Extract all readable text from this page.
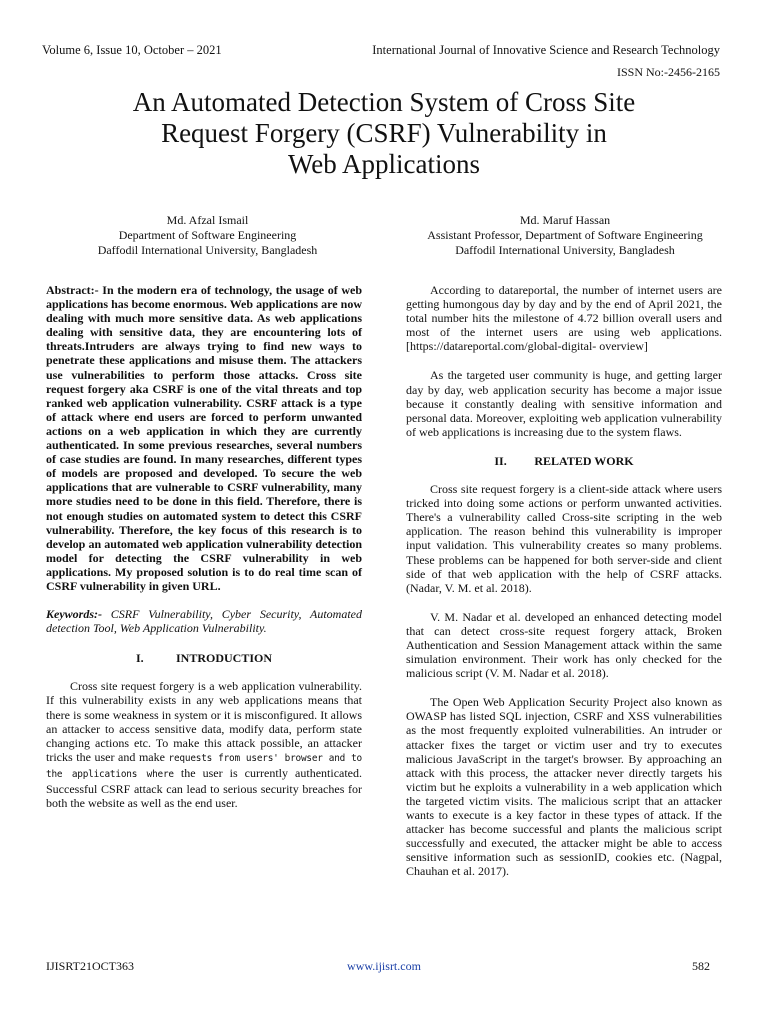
Volume 6, Issue 10, October – 2021	International Journal of Innovative Science and Research Technology
ISSN No:-2456-2165
An Automated Detection System of Cross Site
Request Forgery (CSRF) Vulnerability in
Web Applications
Md. Afzal Ismail
Department of Software Engineering
Daffodil International University, Bangladesh
Md. Maruf Hassan
Assistant Professor, Department of Software Engineering
Daffodil International University, Bangladesh

Abstract:- In the modern era of technology, the usage of web applications has become enormous. Web applications are now dealing with much more sensitive data. As web applications dealing with sensitive data, they are encountering lots of threats.Intruders are always trying to find new ways to penetrate these applications and misuse them. The attackers use vulnerabilities to perform those attacks. Cross site request forgery aka CSRF is one of the vital threats and top ranked web application vulnerability. CSRF attack is a type of attack where end users are forced to perform unwanted actions on a web application in which they are currently authenticated. In some previous researches, several numbers of case studies are found. In many researches, different types of models are proposed and developed. To secure the web applications that are vulnerable to CSRF vulnerability, many more studies need to be done in this field. Therefore, there is not enough studies on automated system to detect this CSRF vulnerability. Therefore, the key focus of this research is to develop an automated web application vulnerability detection model for detecting the CSRF vulnerability in web applications. My proposed solution is to do real time scan of CSRF vulnerability in given URL.

Keywords:- CSRF Vulnerability, Cyber Security, Automated detection Tool, Web Application Vulnerability.

I.	INTRODUCTION

Cross site request forgery is a web application vulnerability. If this vulnerability exists in any web applications means that there is some weakness in system or it is misconfigured. It allows an attacker to access sensitive data, modify data, perform state changing actions etc. To make this attack possible, an attacker tricks the user and make requests from users' browser and to the applications where the user is currently authenticated. Successful CSRF attack can lead to serious security breaches for both the website as well as the end user.

According to datareportal, the number of internet users are getting humongous day by day and by the end of April 2021, the total number hits the milestone of 4.72 billion overall users and most of the internet users are using web applications.[https://datareportal.com/global-digital- overview]

As the targeted user community is huge, and getting larger day by day, web application security has become a major issue because it constantly dealing with sensitive information and personal data. Moreover, exploiting web application vulnerability of web applications is increasing due to the system flaws.

II. RELATED WORK

Cross site request forgery is a client-side attack where users tricked into doing some actions or perform unwanted activities. There's a vulnerability called Cross-site scripting in the web application. The reason behind this vulnerability is improper input validation. This vulnerability creates so many problems. These problems can be happened for both server-side and client side of that web application with the help of CSRF attacks. (Nadar, V. M. et al. 2018).

V. M. Nadar et al. developed an enhanced detecting model that can detect cross-site request forgery attack, Broken Authentication and Session Management attack within the same simulation environment. Their work has only checked for the malicious script (V. M. Nadar et al. 2018).

The Open Web Application Security Project also known as OWASP has listed SQL injection, CSRF and XSS vulnerabilities as the most frequently exploited vulnerabilities. An intruder or attacker fixes the target or victim user and try to executes malicious JavaScript in the target's browser. By approaching an attack with this process, the attacker never directly targets his victim but he exploits a vulnerability in a web application which the targeted victim visits. The malicious script that an attacker wants to execute is a key factor in these types of attack. If the attacker has become successful and plants the malicious script successfully and executed, the attacker might be able to access sensitive information such as sessionID, cookies etc. (Nagpal, Chauhan et al. 2017).

IJISRT21OCT363	www.ijisrt.com	582
